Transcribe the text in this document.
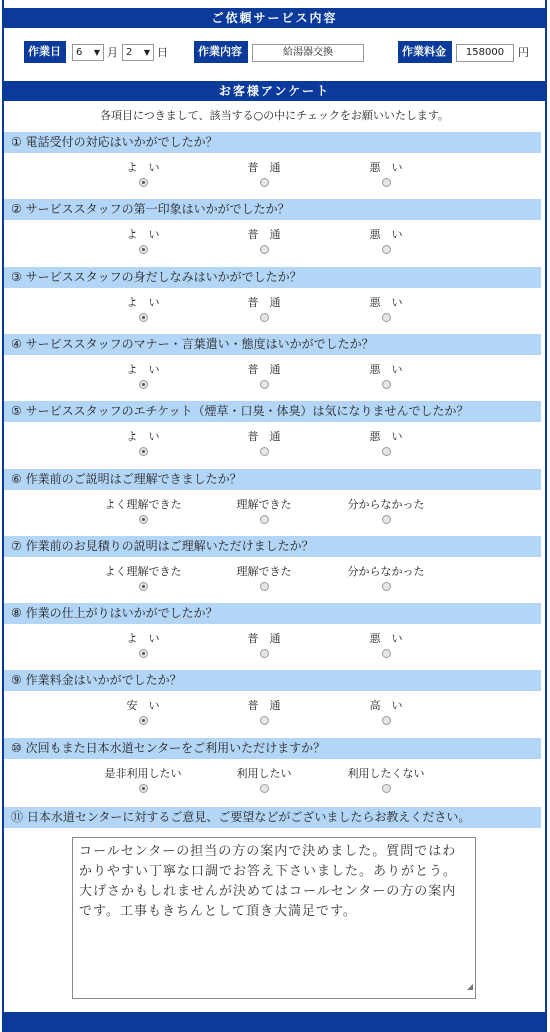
ご依頼サービス内容
作業日	6 ▼ 月 2 ▼ 日	作業内容	給湯器交換	作業料金	158000	円
お客様アンケート
各項目につきまして、該当する○の中にチェックをお願いいたします。
① 電話受付の対応はいかがでしたか？
よ　い	普　通	悪　い
② サービススタッフの第一印象はいかがでしたか？
よ　い	普　通	悪　い
③ サービススタッフの身だしなみはいかがでしたか？
よ　い	普　通	悪　い
④ サービススタッフのマナー・言葉遣い・態度はいかがでしたか？
よ　い	普　通	悪　い
⑤ サービススタッフのエチケット（煙草・口臭・体臭）は気になりませんでしたか？
よ　い	普　通	悪　い
⑥ 作業前のご説明はご理解できましたか？
よく理解できた	理解できた	分からなかった
⑦ 作業前のお見積りの説明はご理解いただけましたか？
よく理解できた	理解できた	分からなかった
⑧ 作業の仕上がりはいかがでしたか？
よ　い	普　通	悪　い
⑨ 作業料金はいかがでしたか？
安　い	普　通	高　い
⑩ 次回もまた日本水道センターをご利用いただけますか？
是非利用したい	利用したい	利用したくない
⑪ 日本水道センターに対するご意見、ご要望などがございましたらお教えください。
コールセンターの担当の方の案内で決めました。質問ではわかりやすい丁寧な口調でお答え下さいました。ありがとう。大げさかもしれませんが決めてはコールセンターの方の案内です。工事もきちんとして頂き大満足です。
◢
